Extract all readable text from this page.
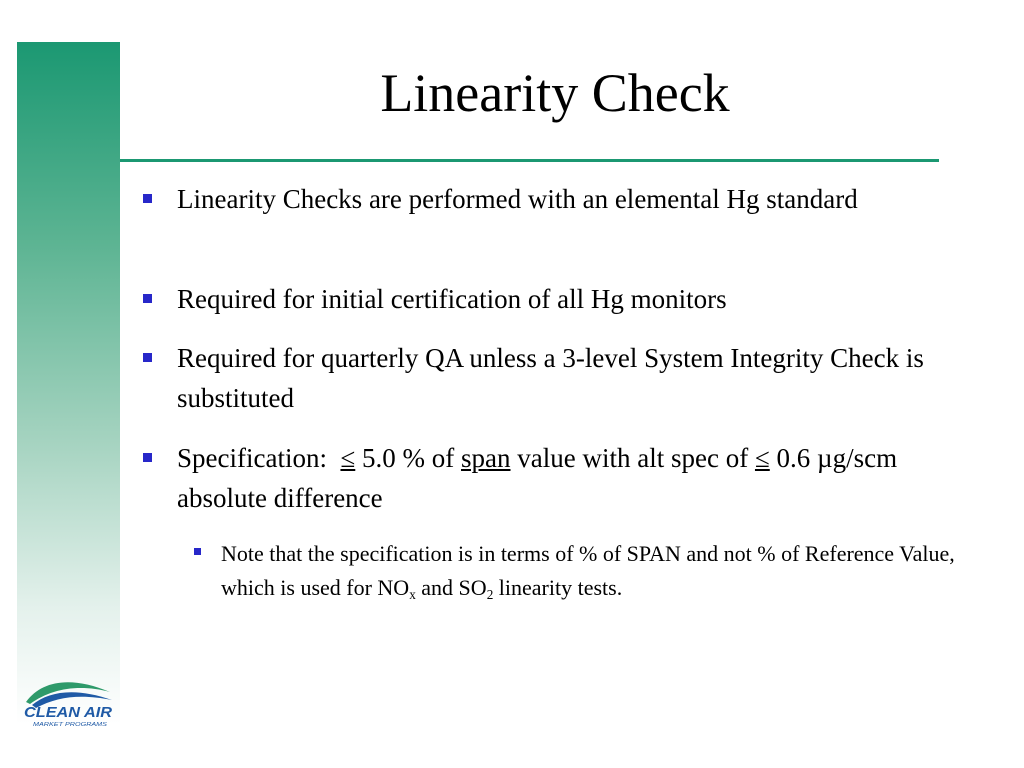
Linearity Check
Linearity Checks are performed with an elemental Hg standard
Required for initial certification of all Hg monitors
Required for quarterly QA unless a 3-level System Integrity Check is substituted
Specification:  ≤ 5.0 % of span value with alt spec of ≤ 0.6 µg/scm absolute difference
Note that the specification is in terms of % of SPAN and not % of Reference Value, which is used for $NO_x$ and $SO_2$ linearity tests.
CLEAN AIR
MARKET PROGRAMS
